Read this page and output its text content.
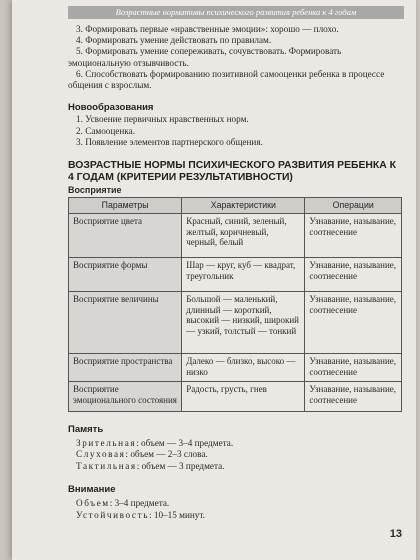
Возрастные нормативы психического развития ребенка к 4 годам

3. Формировать первые «нравственные эмоции»: хорошо — плохо.

4. Формировать умение действовать по правилам.

5. Формировать умение сопереживать, сочувствовать. Формировать эмоциональную отзывчивость.

6. Способствовать формированию позитивной самооценки ребенка в процессе общения с взрослым.

Новообразования
1. Усвоение первичных нравственных норм.
2. Самооценка.
3. Появление элементов партнерского общения.
ВОЗРАСТНЫЕ НОРМЫ ПСИХИЧЕСКОГО РАЗВИТИЯ РЕБЕНКА К 4 ГОДАМ (КРИТЕРИИ РЕЗУЛЬТАТИВНОСТИ)
Восприятие
Параметры	Характеристики	Операции
Восприятие цвета	Красный, синий, зеленый, желтый, коричневый, черный, белый	Узнавание, называние, соотнесение
Восприятие формы	Шар — круг, куб — квадрат, треугольник	Узнавание, называние, соотнесение
Восприятие величины	Большой — маленький, длинный — короткий, высокий — низкий, широкий — узкий, толстый — тонкий	Узнавание, называние, соотнесение
Восприятие пространства	Далеко — близко, высоко — низко	Узнавание, называние, соотнесение
Восприятие эмоционального состояния	Радость, грусть, гнев	Узнавание, называние, соотнесение
Память
Зрительная: объем — 3–4 предмета.
Слуховая: объем — 2–3 слова.
Тактильная: объем — 3 предмета.
Внимание
Объем: 3–4 предмета.
Устойчивость: 10–15 минут.
13
